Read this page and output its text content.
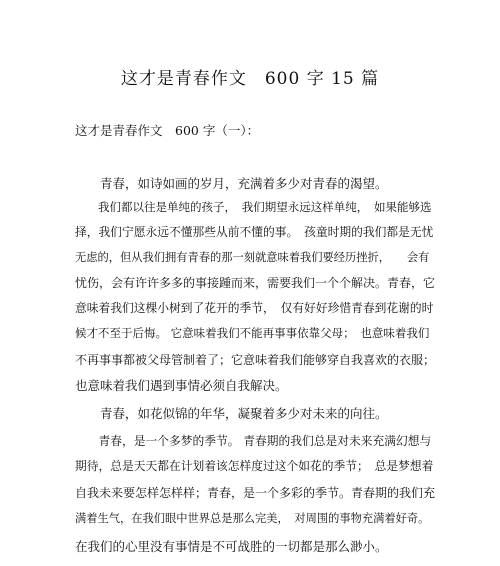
这才是青春作文　600 字 15 篇
这才是青春作文　600 字（一）：
　　青春，如诗如画的岁月，充满着多少对青春的渴望。
　　我们都以往是单纯的孩子，　我们期望永远这样单纯，　如果能够选
择，我们宁愿永远不懂那些从前不懂的事。　孩童时期的我们都是无忧
无虑的，但从我们拥有青春的那一刻就意味着我们要经历挫折，　　会有
忧伤，会有许许多多的事接踵而来，需要我们一个个解决。青春，它
意味着我们这棵小树到了花开的季节，　仅有好好珍惜青春到花谢的时
候才不至于后悔。 它意味着我们不能再事事依靠父母；　也意味着我们
不再事事都被父母管制着了；它意味着我们能够穿自我喜欢的衣服；
也意味着我们遇到事情必须自我解决。
　　青春，如花似锦的年华，凝聚着多少对未来的向往。
　　青春，是一个多梦的季节。 青春期的我们总是对未来充满幻想与
期待，总是天天都在计划着该怎样度过这个如花的季节；　总是梦想着
自我未来要怎样怎样样；青春，是一个多彩的季节。青春期的我们充
满着生气，在我们眼中世界总是那么完美，　对周围的事物充满着好奇。
在我们的心里没有事情是不可战胜的一切都是那么渺小。
